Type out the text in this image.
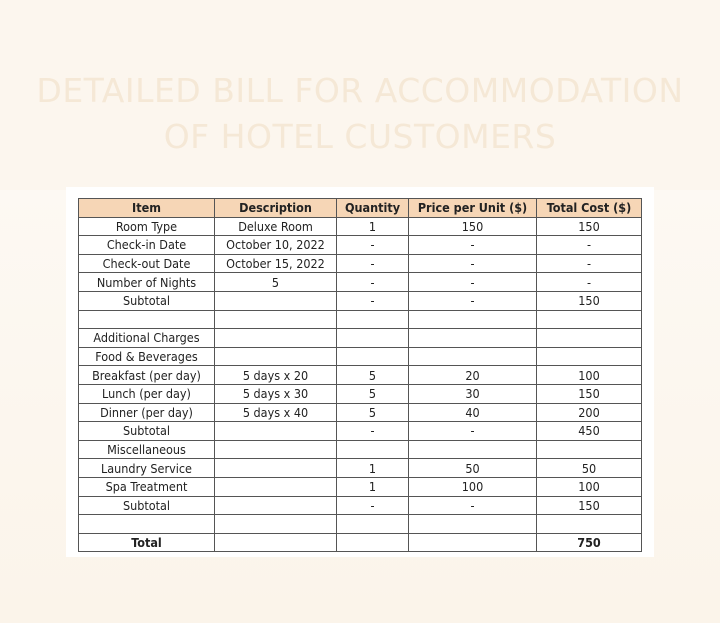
DETAILED BILL FOR ACCOMMODATION
OF HOTEL CUSTOMERS
Item	Description	Quantity	Price per Unit ($)	Total Cost ($)
Room Type	Deluxe Room	1	150	150
Check-in Date	October 10, 2022	-	-	-
Check-out Date	October 15, 2022	-	-	-
Number of Nights	5	-	-	-
Subtotal		-	-	150

Additional Charges				
Food & Beverages				
Breakfast (per day)	5 days x 20	5	20	100
Lunch (per day)	5 days x 30	5	30	150
Dinner (per day)	5 days x 40	5	40	200
Subtotal		-	-	450
Miscellaneous				
Laundry Service		1	50	50
Spa Treatment		1	100	100
Subtotal		-	-	150

Total				750
